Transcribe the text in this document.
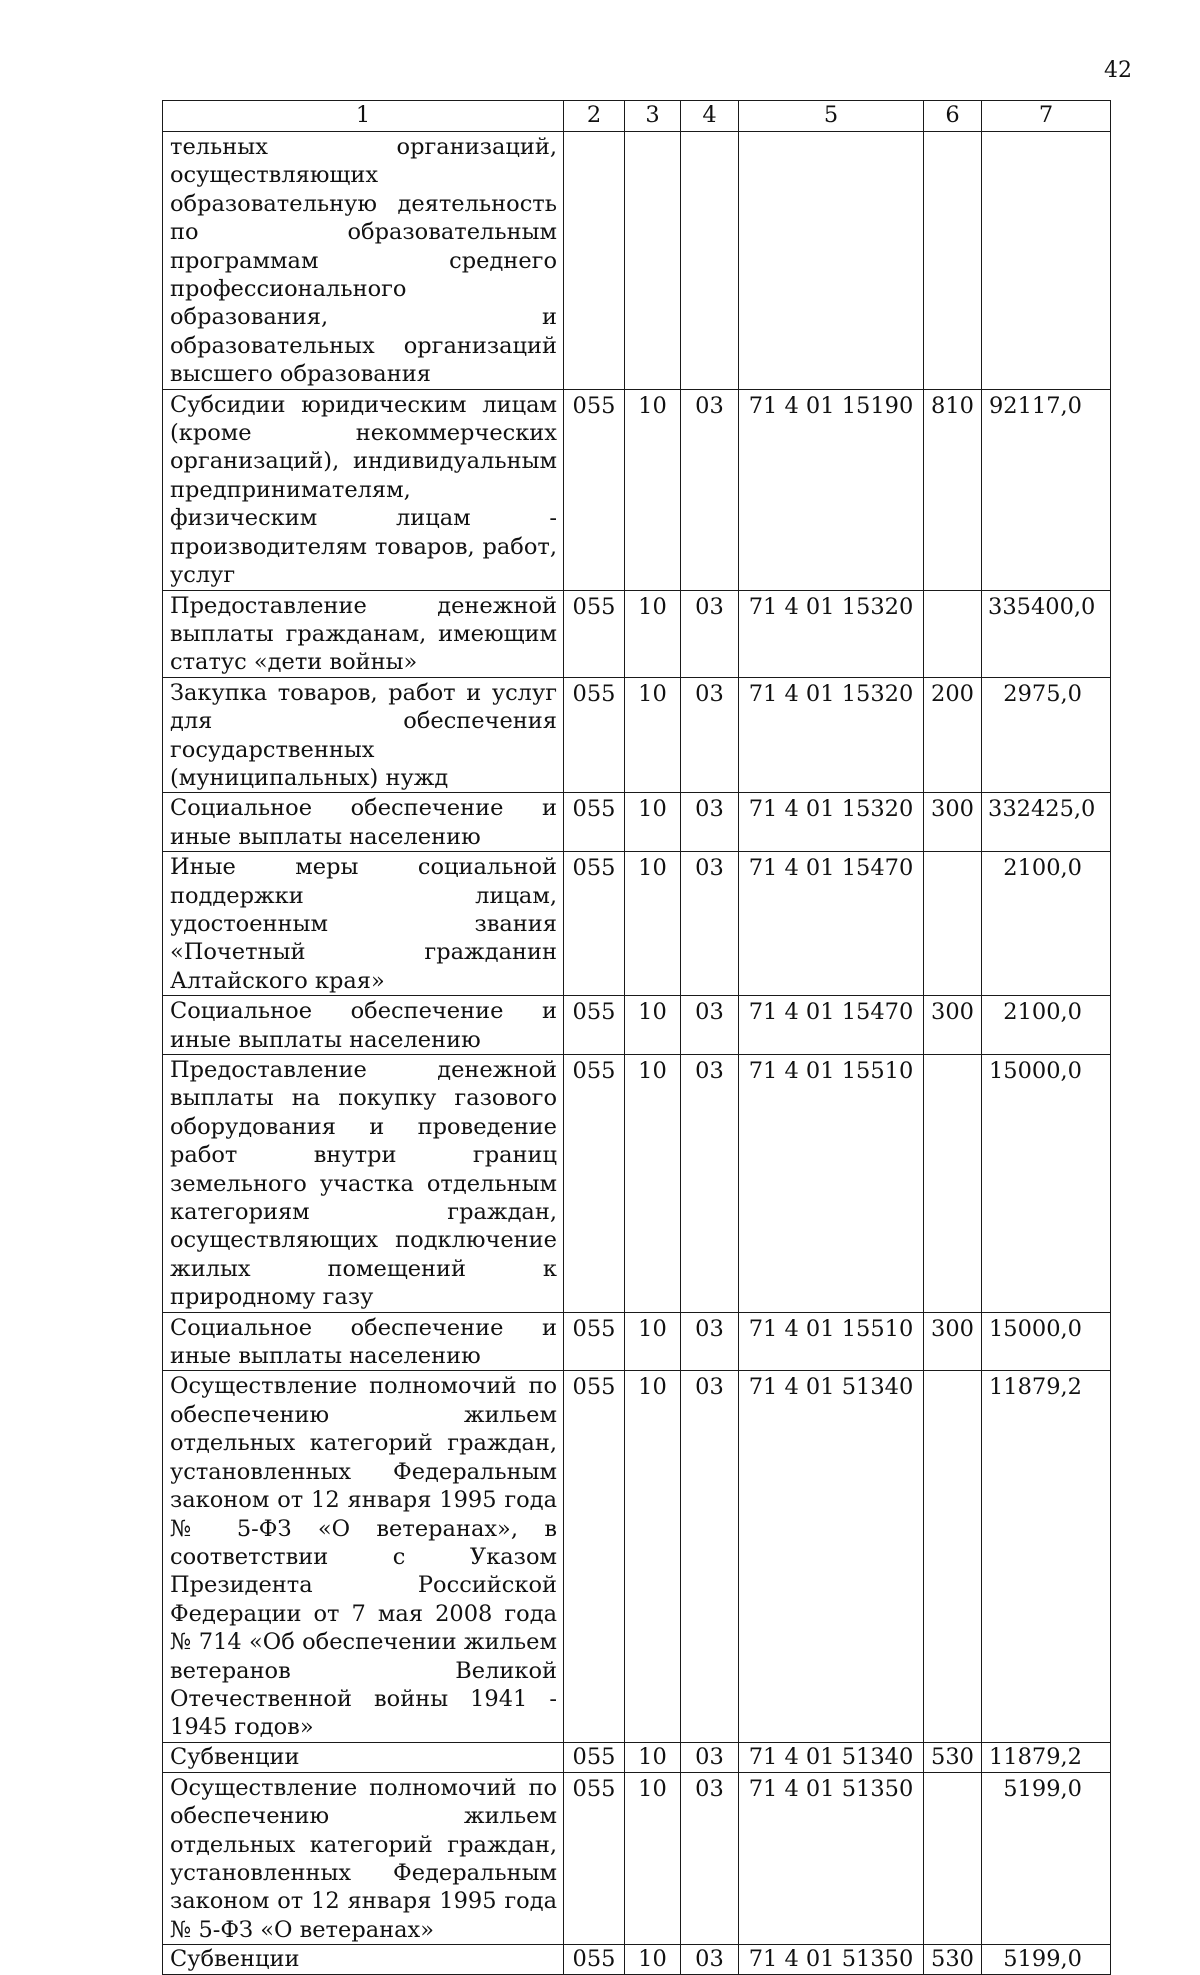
42
1	2	3	4	5	6	7
тельных организаций, осуществляющих образовательную деятельность по образовательным программам среднего профессионального образования, и образовательных организаций высшего образования						
Субсидии юридическим лицам (кроме некоммерческих организаций), индивидуальным предпринимателям, физическим лицам - производителям товаров, работ, услуг	055	10	03	71 4 01 15190	810	92117,0
Предоставление денежной выплаты гражданам, имеющим статус «дети войны»	055	10	03	71 4 01 15320		335400,0
Закупка товаров, работ и услуг для обеспечения государственных (муниципальных) нужд	055	10	03	71 4 01 15320	200	2975,0
Социальное обеспечение и иные выплаты населению	055	10	03	71 4 01 15320	300	332425,0
Иные меры социальной поддержки лицам, удостоенным звания «Почетный гражданин Алтайского края»	055	10	03	71 4 01 15470		2100,0
Социальное обеспечение и иные выплаты населению	055	10	03	71 4 01 15470	300	2100,0
Предоставление денежной выплаты на покупку газового оборудования и проведение работ внутри границ земельного участка отдельным категориям граждан, осуществляющих подключение жилых помещений к природному газу	055	10	03	71 4 01 15510		15000,0
Социальное обеспечение и иные выплаты населению	055	10	03	71 4 01 15510	300	15000,0
Осуществление полномочий по обеспечению жильем отдельных категорий граждан, установленных Федеральным законом от 12 января 1995 года № 5-ФЗ «О ветеранах», в соответствии с Указом Президента Российской Федерации от 7 мая 2008 года № 714 «Об обеспечении жильем ветеранов Великой Отечественной войны 1941 - 1945 годов»	055	10	03	71 4 01 51340		11879,2
Субвенции	055	10	03	71 4 01 51340	530	11879,2
Осуществление полномочий по обеспечению жильем отдельных категорий граждан, установленных Федеральным законом от 12 января 1995 года № 5-ФЗ «О ветеранах»	055	10	03	71 4 01 51350		5199,0
Субвенции	055	10	03	71 4 01 51350	530	5199,0
